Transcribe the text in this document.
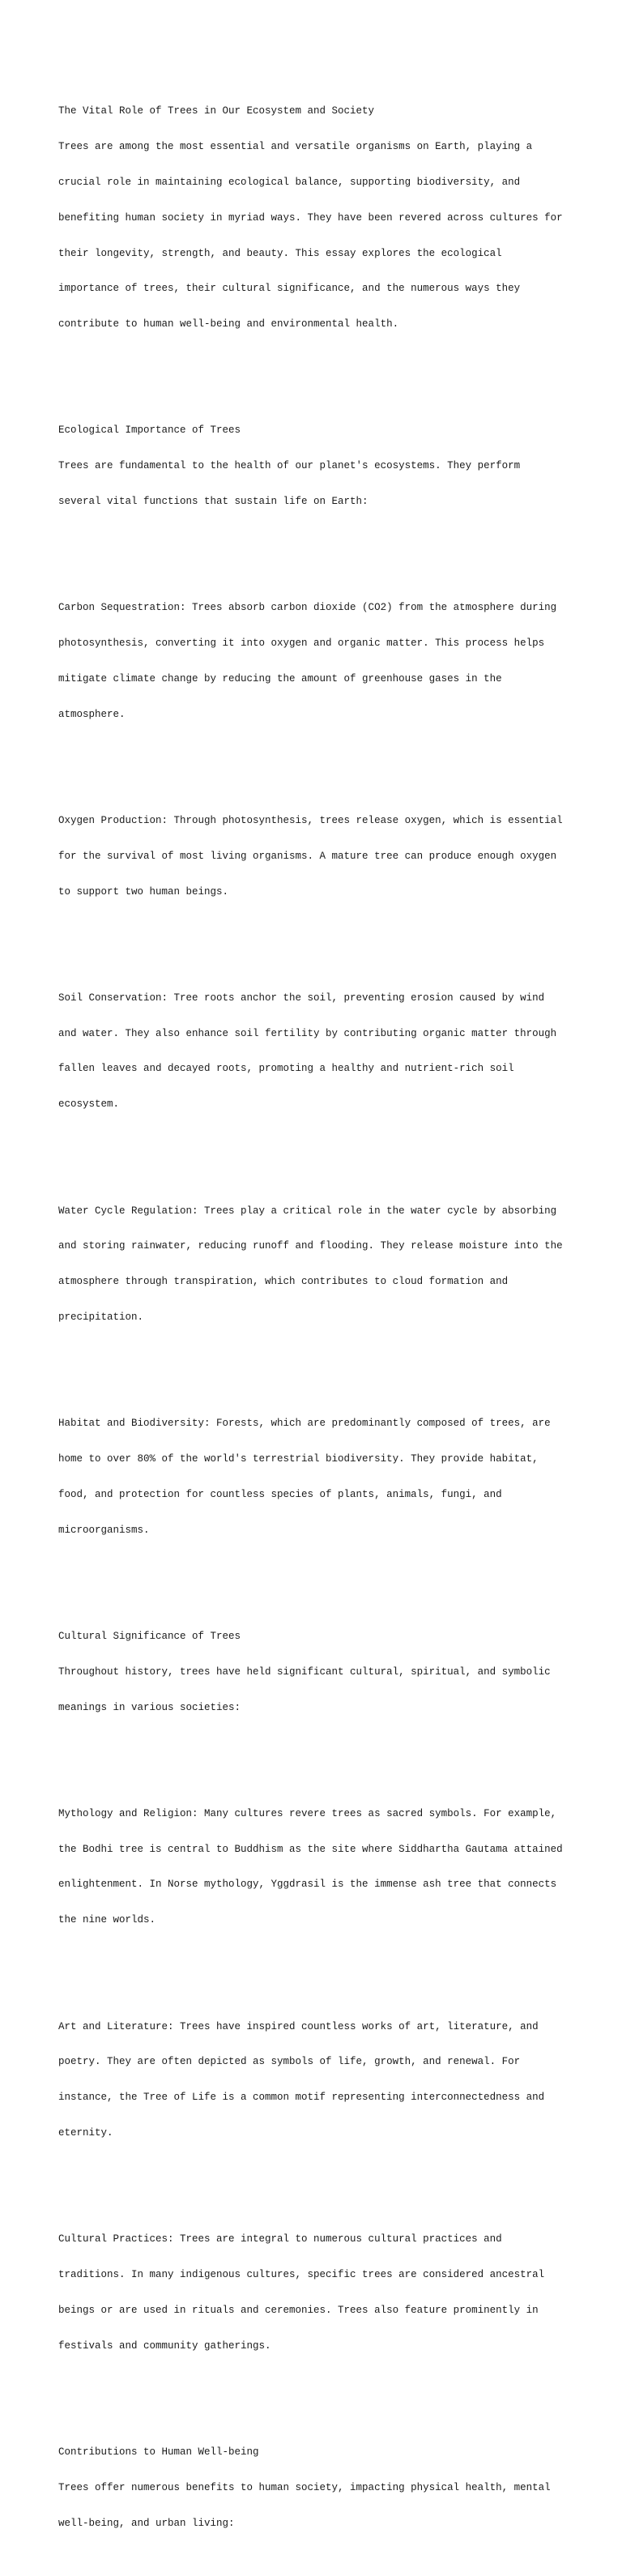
The Vital Role of Trees in Our Ecosystem and Society

Trees are among the most essential and versatile organisms on Earth, playing a

crucial role in maintaining ecological balance, supporting biodiversity, and

benefiting human society in myriad ways. They have been revered across cultures for

their longevity, strength, and beauty. This essay explores the ecological

importance of trees, their cultural significance, and the numerous ways they

contribute to human well-being and environmental health.

Ecological Importance of Trees

Trees are fundamental to the health of our planet's ecosystems. They perform

several vital functions that sustain life on Earth:

Carbon Sequestration: Trees absorb carbon dioxide (CO2) from the atmosphere during

photosynthesis, converting it into oxygen and organic matter. This process helps

mitigate climate change by reducing the amount of greenhouse gases in the

atmosphere.

Oxygen Production: Through photosynthesis, trees release oxygen, which is essential

for the survival of most living organisms. A mature tree can produce enough oxygen

to support two human beings.

Soil Conservation: Tree roots anchor the soil, preventing erosion caused by wind

and water. They also enhance soil fertility by contributing organic matter through

fallen leaves and decayed roots, promoting a healthy and nutrient-rich soil

ecosystem.

Water Cycle Regulation: Trees play a critical role in the water cycle by absorbing

and storing rainwater, reducing runoff and flooding. They release moisture into the

atmosphere through transpiration, which contributes to cloud formation and

precipitation.

Habitat and Biodiversity: Forests, which are predominantly composed of trees, are

home to over 80% of the world's terrestrial biodiversity. They provide habitat,

food, and protection for countless species of plants, animals, fungi, and

microorganisms.

Cultural Significance of Trees

Throughout history, trees have held significant cultural, spiritual, and symbolic

meanings in various societies:

Mythology and Religion: Many cultures revere trees as sacred symbols. For example,

the Bodhi tree is central to Buddhism as the site where Siddhartha Gautama attained

enlightenment. In Norse mythology, Yggdrasil is the immense ash tree that connects

the nine worlds.

Art and Literature: Trees have inspired countless works of art, literature, and

poetry. They are often depicted as symbols of life, growth, and renewal. For

instance, the Tree of Life is a common motif representing interconnectedness and

eternity.

Cultural Practices: Trees are integral to numerous cultural practices and

traditions. In many indigenous cultures, specific trees are considered ancestral

beings or are used in rituals and ceremonies. Trees also feature prominently in

festivals and community gatherings.

Contributions to Human Well-being

Trees offer numerous benefits to human society, impacting physical health, mental

well-being, and urban living:
